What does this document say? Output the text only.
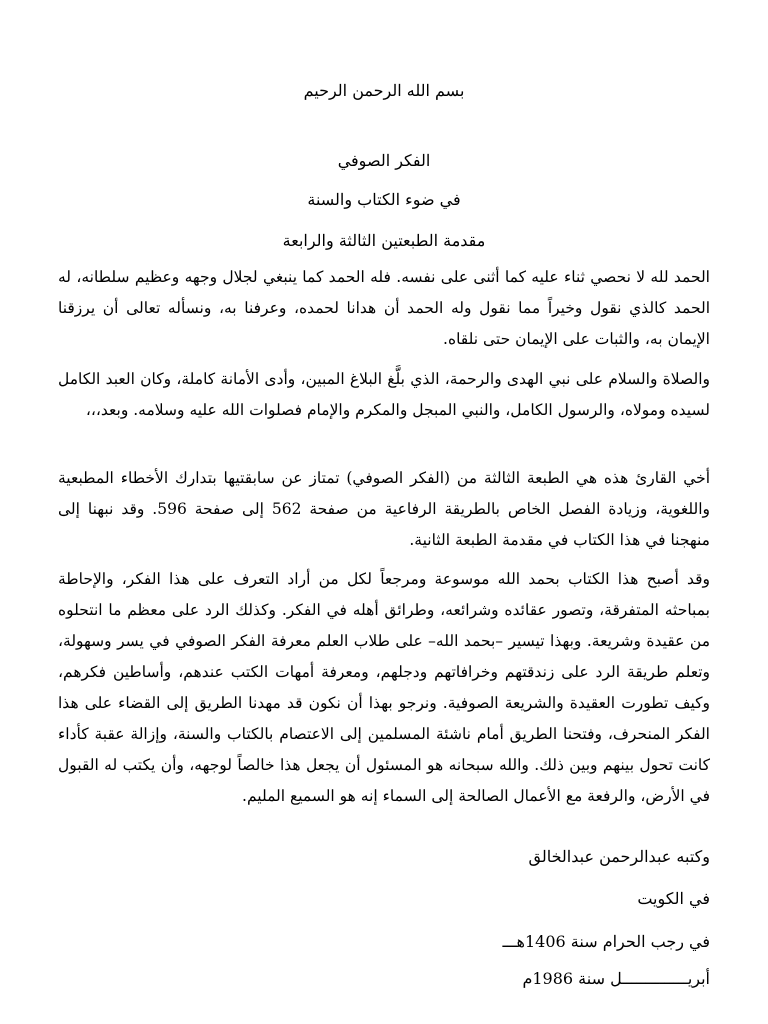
بسم الله الرحمن الرحيم

الفكر الصوفي

في ضوء الكتاب والسنة

مقدمة الطبعتين الثالثة والرابعة

الحمد لله لا نحصي ثناء عليه كما أثنى على نفسه. فله الحمد كما ينبغي لجلال وجهه وعظيم سلطانه، له الحمد كالذي نقول وخيراً مما نقول وله الحمد أن هدانا لحمده، وعرفنا به، ونسأله تعالى أن يرزقنا الإيمان به، والثبات على الإيمان حتى نلقاه.

والصلاة والسلام على نبي الهدى والرحمة، الذي بلَّغ البلاغ المبين، وأدى الأمانة كاملة، وكان العبد الكامل لسيده ومولاه، والرسول الكامل، والنبي المبجل والمكرم والإمام فصلوات الله عليه وسلامه. وبعد،،،

أخي القارئ هذه هي الطبعة الثالثة من (الفكر الصوفي) تمتاز عن سابقتيها بتدارك الأخطاء المطبعية واللغوية، وزيادة الفصل الخاص بالطريقة الرفاعية من صفحة 562 إلى صفحة 596. وقد نبهنا إلى منهجنا في هذا الكتاب في مقدمة الطبعة الثانية.

وقد أصبح هذا الكتاب بحمد الله موسوعة ومرجعاً لكل من أراد التعرف على هذا الفكر، والإحاطة بمباحثه المتفرقة، وتصور عقائده وشرائعه، وطرائق أهله في الفكر. وكذلك الرد على معظم ما انتحلوه من عقيدة وشريعة. وبهذا تيسير –بحمد الله– على طلاب العلم معرفة الفكر الصوفي في يسر وسهولة، وتعلم طريقة الرد على زندقتهم وخرافاتهم ودجلهم، ومعرفة أمهات الكتب عندهم، وأساطين فكرهم، وكيف تطورت العقيدة والشريعة الصوفية. ونرجو بهذا أن نكون قد مهدنا الطريق إلى القضاء على هذا الفكر المنحرف، وفتحنا الطريق أمام ناشئة المسلمين إلى الاعتصام بالكتاب والسنة، وإزالة عقبة كأداء كانت تحول بينهم وبين ذلك. والله سبحانه هو المسئول أن يجعل هذا خالصاً لوجهه، وأن يكتب له القبول في الأرض، والرفعة مع الأعمال الصالحة إلى السماء إنه هو السميع المليم.

وكتبه عبدالرحمن عبدالخالق

في الكويت

في رجب الحرام سنة 1406هـــ

أبريــــــــــــــل سنة 1986م
